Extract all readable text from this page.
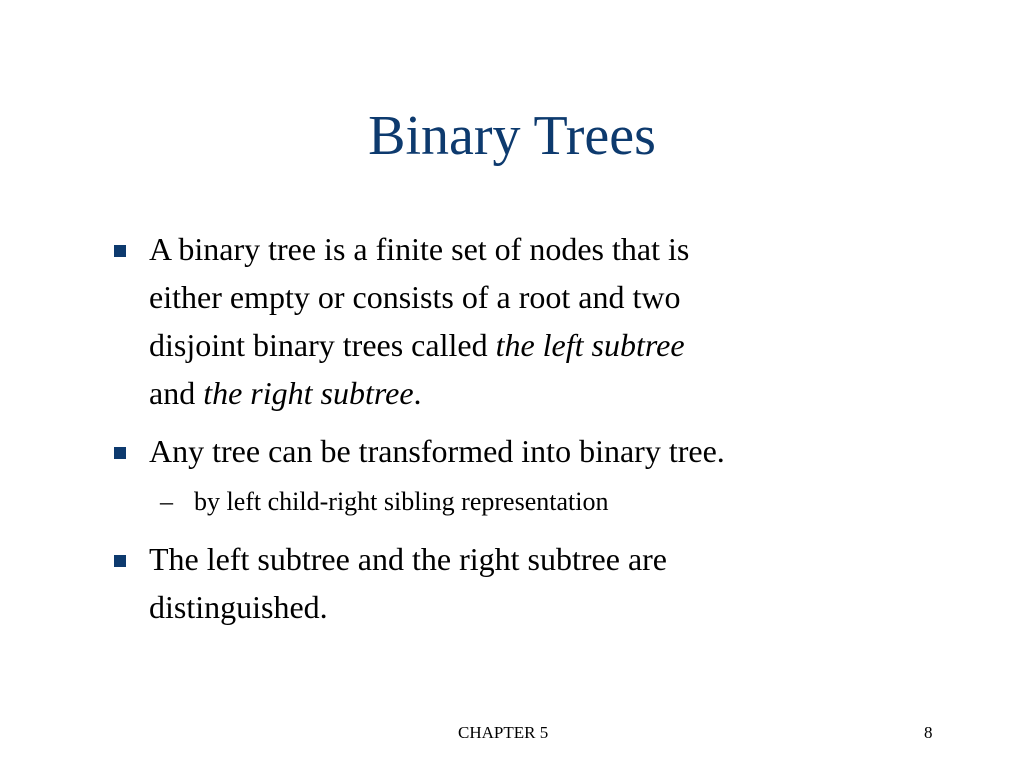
Binary Trees
A binary tree is a finite set of nodes that is
either empty or consists of a root and two
disjoint binary trees called the left subtree
and the right subtree.
Any tree can be transformed into binary tree.
– by left child-right sibling representation
The left subtree and the right subtree are
distinguished.
CHAPTER 5	8
